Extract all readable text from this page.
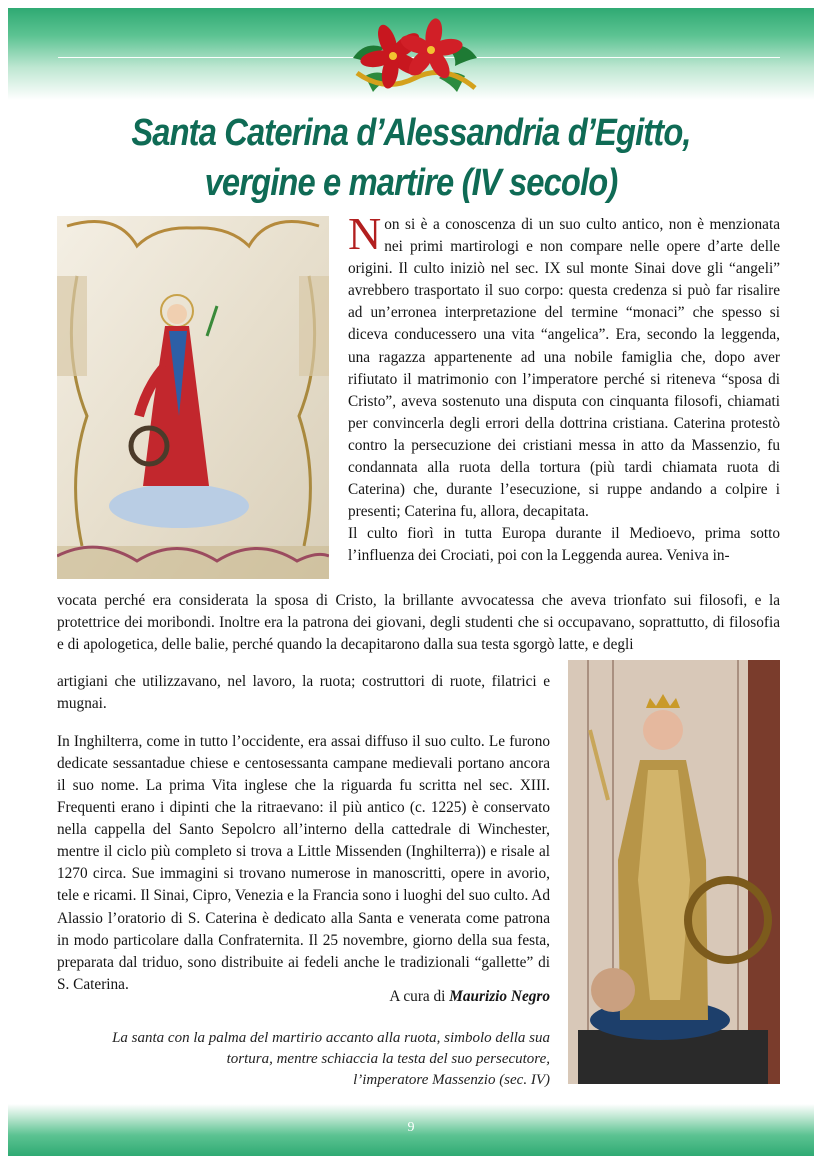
Santa Caterina d’Alessandria d’Egitto,
vergine e martire (IV secolo)

Non si è a conoscenza di un suo culto antico, non è menzionata nei primi martirologi e non compare nelle opere d’arte delle origini. Il culto iniziò nel sec. IX sul monte Sinai dove gli “angeli” avrebbero trasportato il suo corpo: questa credenza si può far risalire ad un’erronea interpretazione del termine “monaci” che spesso si diceva conducessero una vita “angelica”. Era, secondo la leggenda, una ragazza appartenente ad una nobile famiglia che, dopo aver rifiutato il matrimonio con l’imperatore perché si riteneva “sposa di Cristo”, aveva sostenuto una disputa con cinquanta filosofi, chiamati per convincerla degli errori della dottrina cristiana. Caterina protestò contro la persecuzione dei cristiani messa in atto da Massenzio, fu condannata alla ruota della tortura (più tardi chiamata ruota di Caterina) che, durante l’esecuzione, si ruppe andando a colpire i presenti; Caterina fu, allora, decapitata.

Il culto fiorì in tutta Europa durante il Medioevo, prima sotto l’influenza dei Crociati, poi con la Leggenda aurea. Veniva in-

vocata perché era considerata la sposa di Cristo, la brillante avvocatessa che aveva trionfato sui filosofi, e la protettrice dei moribondi. Inoltre era la patrona dei giovani, degli studenti che si occupavano, soprattutto, di filosofia e di apologetica, delle balie, perché quando la decapitarono dalla sua testa sgorgò latte, e degli

artigiani che utilizzavano, nel lavoro, la ruota; costruttori di ruote, filatrici e mugnai.

In Inghilterra, come in tutto l’occidente, era assai diffuso il suo culto. Le furono dedicate sessantadue chiese e centosessanta campane medievali portano ancora il suo nome. La prima Vita inglese che la riguarda fu scritta nel sec. XIII. Frequenti erano i dipinti che la ritraevano: il più antico (c. 1225) è conservato nella cappella del Santo Sepolcro all’interno della cattedrale di Winchester, mentre il ciclo più completo si trova a Little Missenden (Inghilterra)) e risale al 1270 circa. Sue immagini si trovano numerose in manoscritti, opere in avorio, tele e ricami. Il Sinai, Cipro, Venezia e la Francia sono i luoghi del suo culto. Ad Alassio l’oratorio di S. Caterina è dedicato alla Santa e venerata come patrona in modo particolare dalla Confraternita. Il 25 novembre, giorno della sua festa, preparata dal triduo, sono distribuite ai fedeli anche le tradizionali “gallette” di S. Caterina.

A cura di Maurizio Negro
La santa con la palma del martirio accanto alla ruota, simbolo della sua
tortura, mentre schiaccia la testa del suo persecutore,
l’imperatore Massenzio (sec. IV)
9
